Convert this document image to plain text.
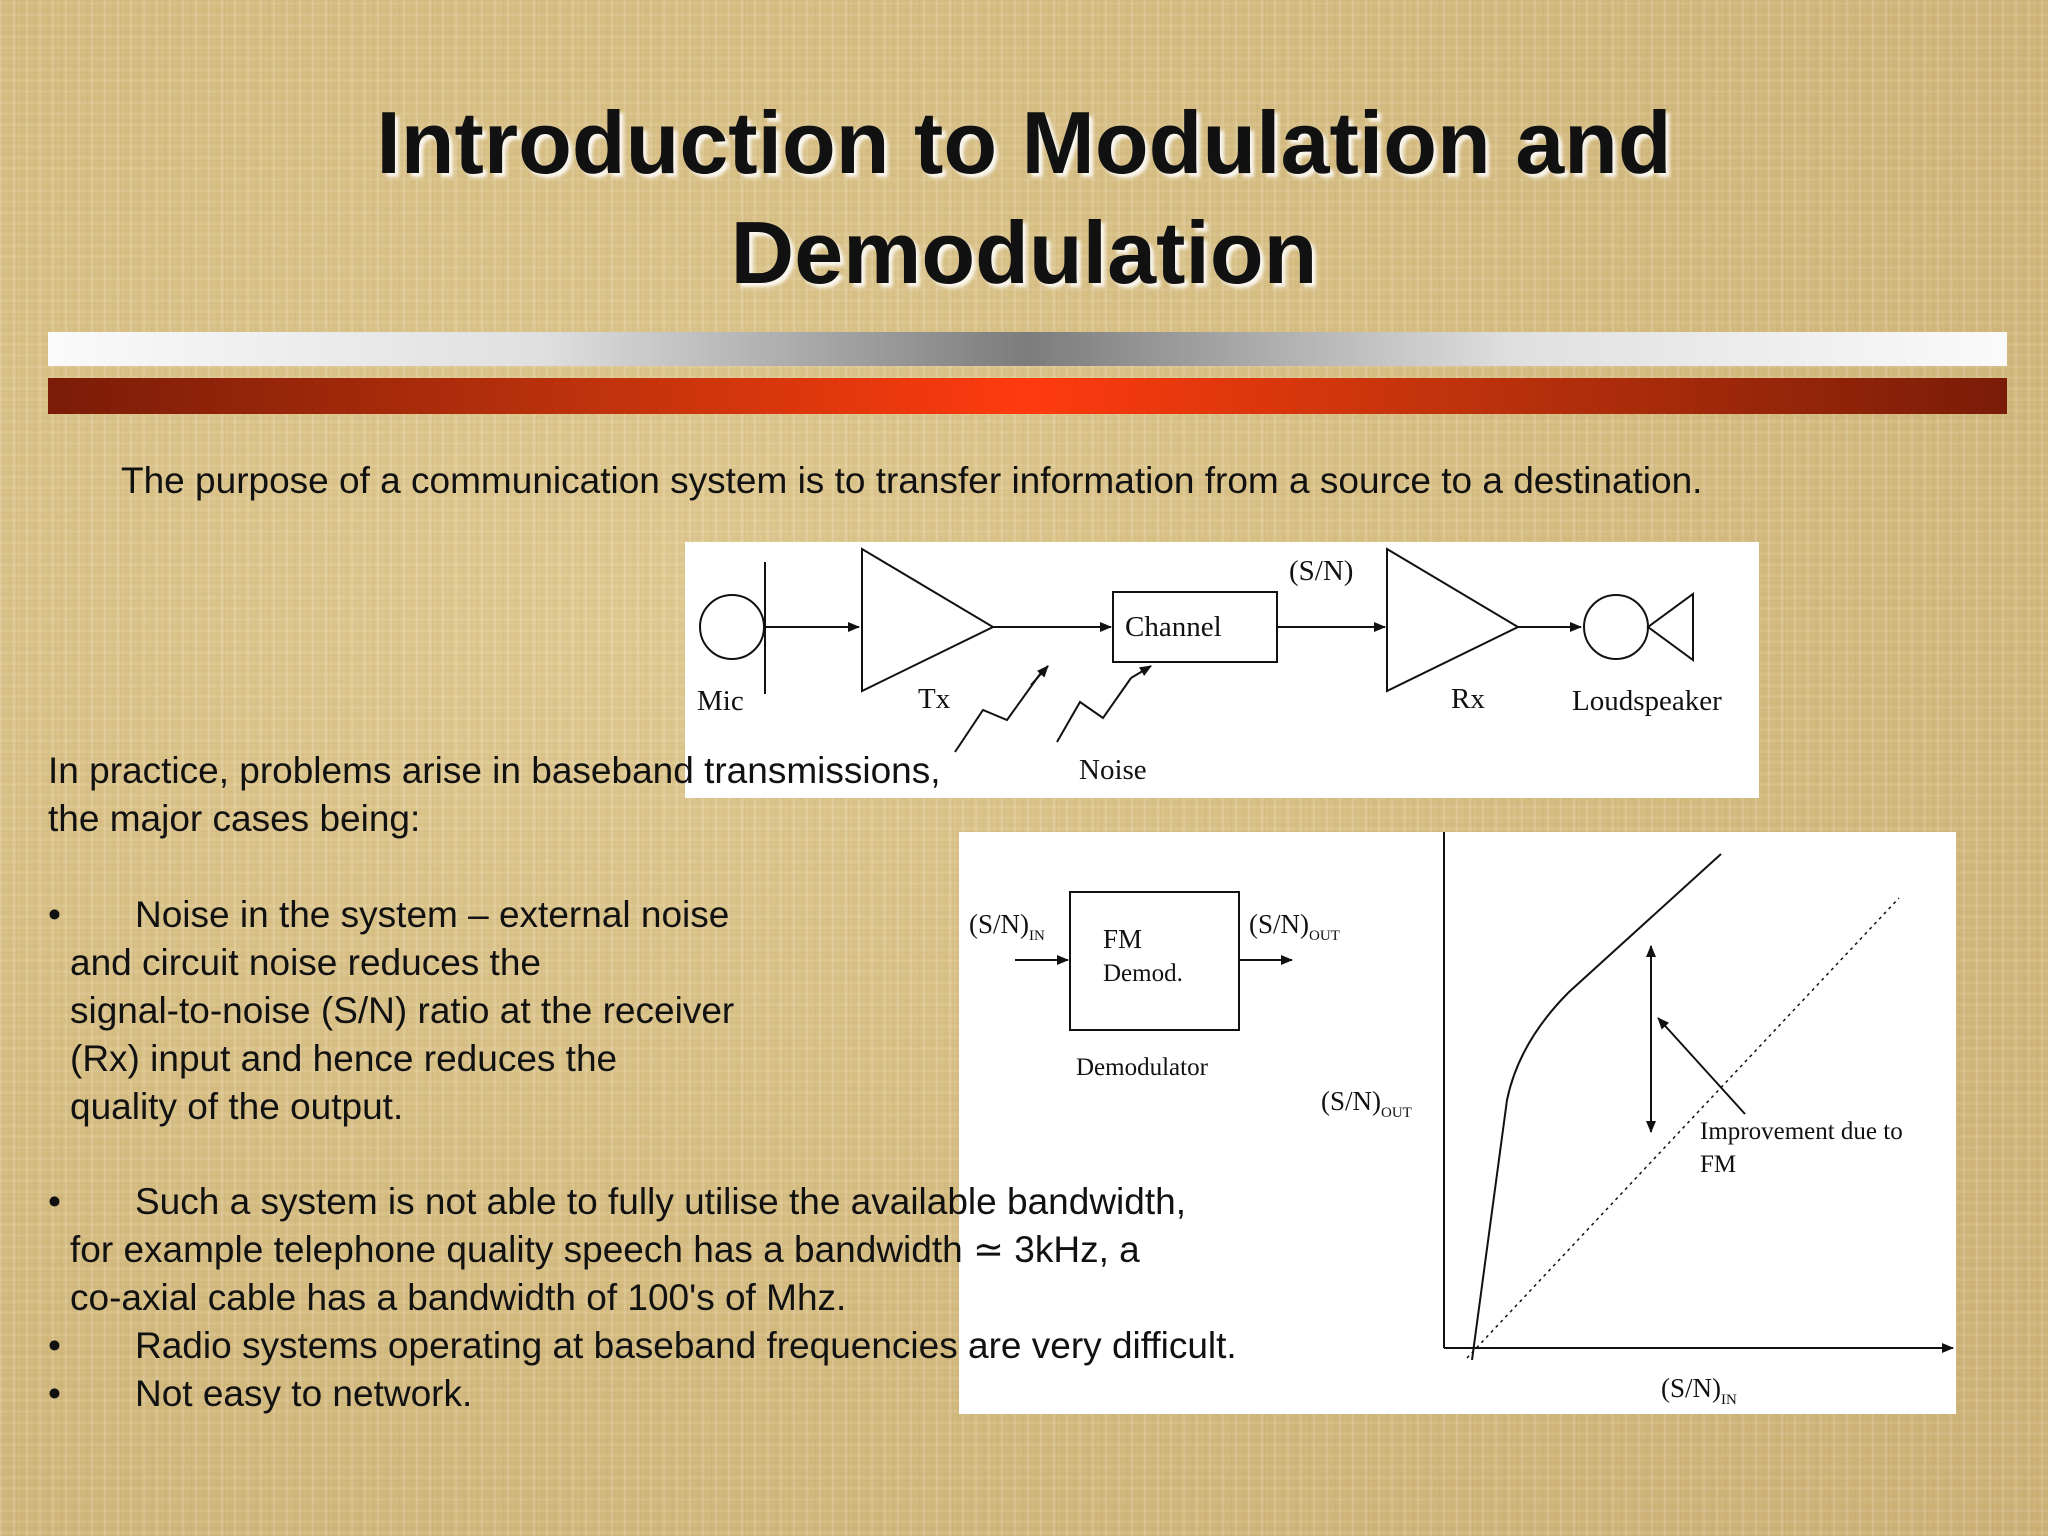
Introduction to Modulation and
Demodulation
The purpose of a communication system is to transfer information from a source to a destination.
Channel
(S/N)
Mic	Tx	Rx	Loudspeaker
Noise
FM
Demod.
$(S/N)_{IN}$	$(S/N)_{OUT}$
Demodulator
$(S/N)_{OUT}$
$(S/N)_{IN}$
Improvement due to
FM
In practice, problems arise in baseband transmissions,
the major cases being:
• Noise in the system – external noise
and circuit noise reduces the
signal-to-noise (S/N) ratio at the receiver
(Rx) input and hence reduces the
quality of the output.
• Such a system is not able to fully utilise the available bandwidth,
for example telephone quality speech has a bandwidth ≃ 3kHz, a
co-axial cable has a bandwidth of 100's of Mhz.
• Radio systems operating at baseband frequencies are very difficult.
• Not easy to network.
